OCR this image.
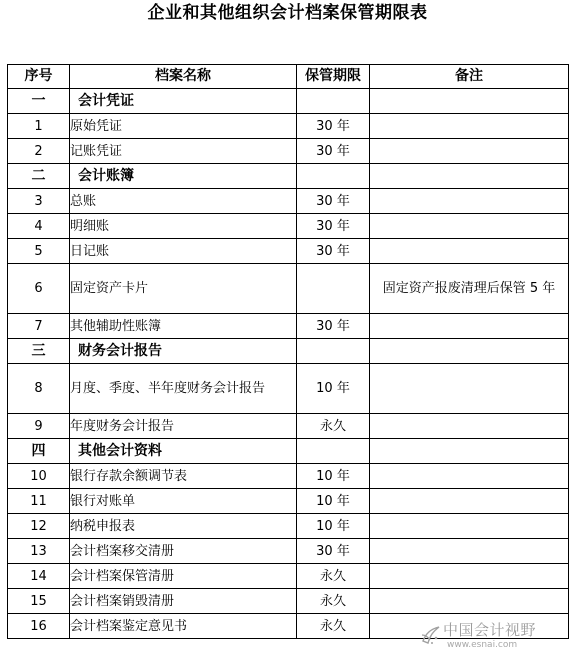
企业和其他组织会计档案保管期限表
序号	档案名称	保管期限	备注
一	会计凭证		
1	原始凭证	30 年	
2	记账凭证	30 年	
二	会计账簿		
3	总账	30 年	
4	明细账	30 年	
5	日记账	30 年	
6	固定资产卡片		固定资产报废清理后保管 5 年
7	其他辅助性账簿	30 年	
三	财务会计报告		
8	月度、季度、半年度财务会计报告	10 年	
9	年度财务会计报告	永久	
四	其他会计资料		
10	银行存款余额调节表	10 年	
11	银行对账单	10 年	
12	纳税申报表	10 年	
13	会计档案移交清册	30 年	
14	会计档案保管清册	永久	
15	会计档案销毁清册	永久	
16	会计档案鉴定意见书	永久		中国会计视野
www.esnai.com
